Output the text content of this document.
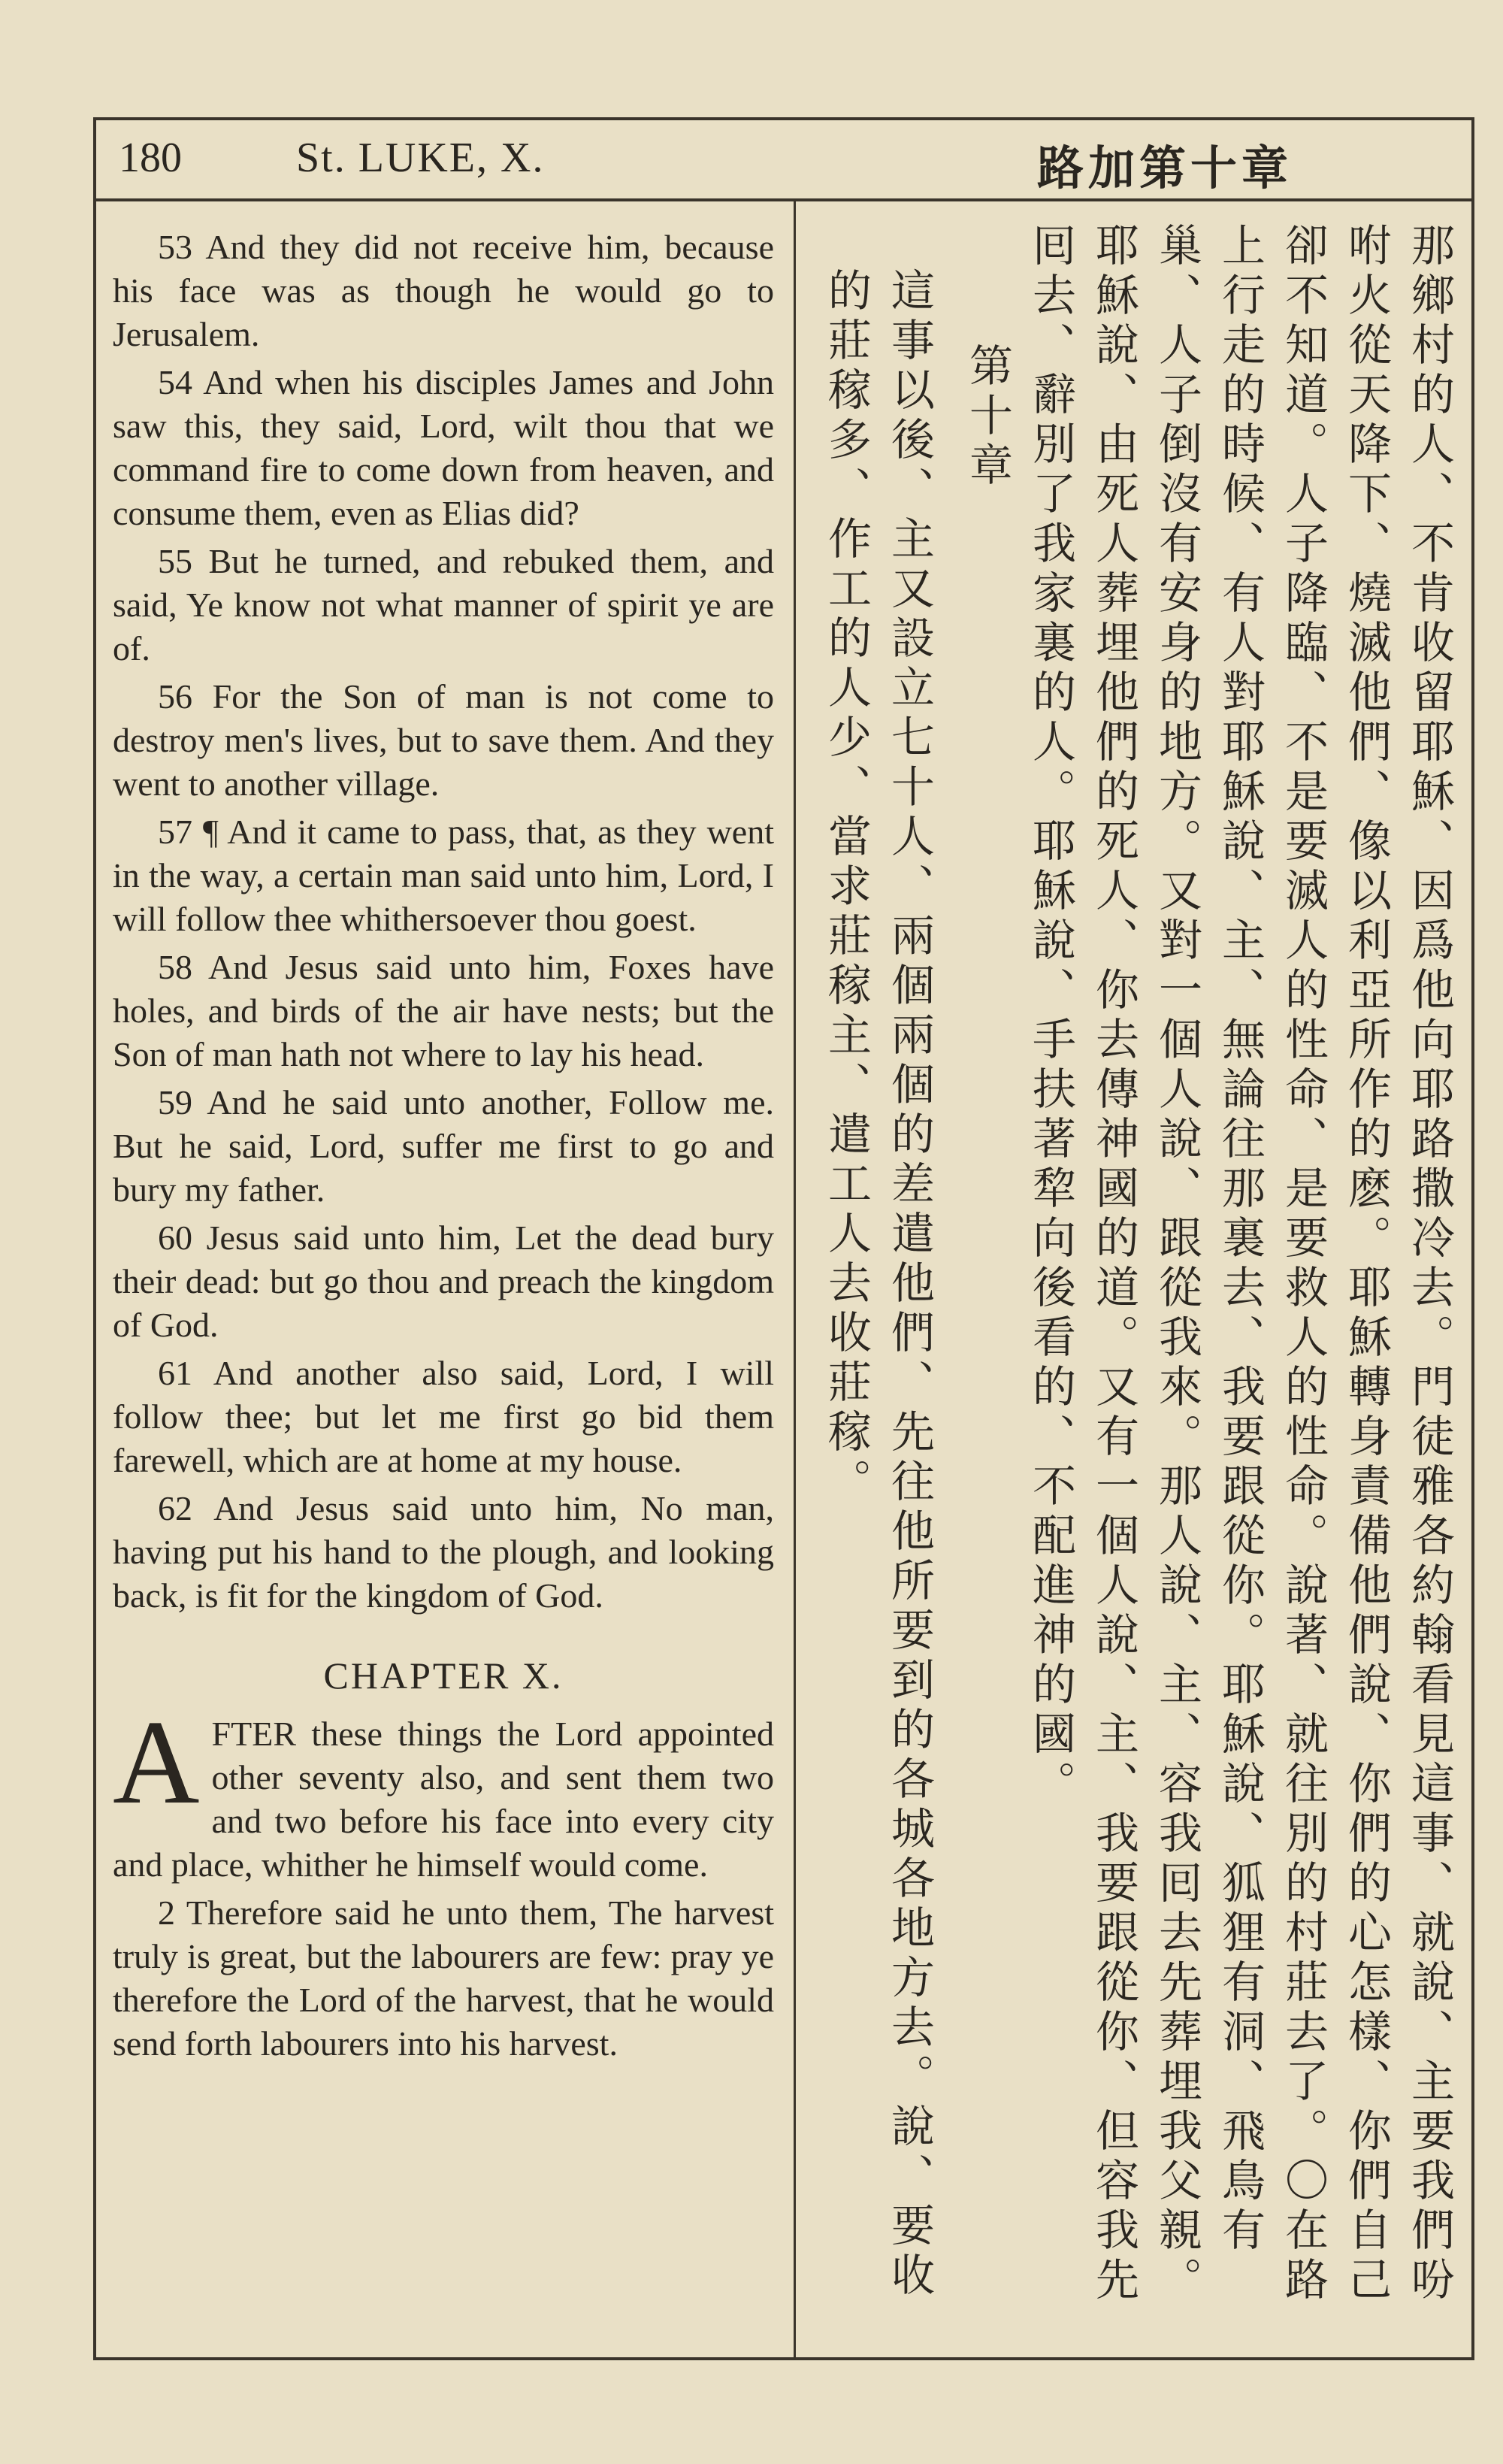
180	St. LUKE, X.	路加第十章

53 And they did not receive him, because his face was as though he would go to Jerusalem.

54 And when his disciples James and John saw this, they said, Lord, wilt thou that we command fire to come down from heaven, and consume them, even as Elias did?

55 But he turned, and rebuked them, and said, Ye know not what manner of spirit ye are of.

56 For the Son of man is not come to destroy men's lives, but to save them. And they went to another village.

57 ¶ And it came to pass, that, as they went in the way, a certain man said unto him, Lord, I will follow thee whithersoever thou goest.

58 And Jesus said unto him, Foxes have holes, and birds of the air have nests; but the Son of man hath not where to lay his head.

59 And he said unto another, Follow me. But he said, Lord, suffer me first to go and bury my father.

60 Jesus said unto him, Let the dead bury their dead: but go thou and preach the kingdom of God.

61 And another also said, Lord, I will follow thee; but let me first go bid them farewell, which are at home at my house.

62 And Jesus said unto him, No man, having put his hand to the plough, and looking back, is fit for the kingdom of God.

CHAPTER X.

AFTER these things the Lord appointed other seventy also, and sent them two and two before his face into every city and place, whither he himself would come.

2 Therefore said he unto them, The harvest truly is great, but the labourers are few: pray ye therefore the Lord of the harvest, that he would send forth labourers into his harvest.	那鄉村的人、不肯收留耶穌、因爲他向耶路撒冷去。門徒雅各約翰看見這事、就說、主要我們吩咐火從天降下、燒滅他們、像以利亞所作的麽。耶穌轉身責備他們說、你們的心怎樣、你們自己卻不知道。人子降臨、不是要滅人的性命、是要救人的性命。說著、就往別的村莊去了。〇在路上行走的時候、有人對耶穌說、主、無論往那裏去、我要跟從你。耶穌說、狐狸有洞、飛鳥有巢、人子倒沒有安身的地方。又對一個人說、跟從我來。那人說、主、容我囘去先葬埋我父親。耶穌說、由死人葬埋他們的死人、你去傳神國的道。又有一個人說、主、我要跟從你、但容我先囘去、辭別了我家裏的人。耶穌說、手扶著犂向後看的、不配進神的國。

第十章

這事以後、主又設立七十人、兩個兩個的差遣他們、先往他所要到的各城各地方去。說、要收的莊稼多、作工的人少、當求莊稼主、遣工人去收莊稼。
